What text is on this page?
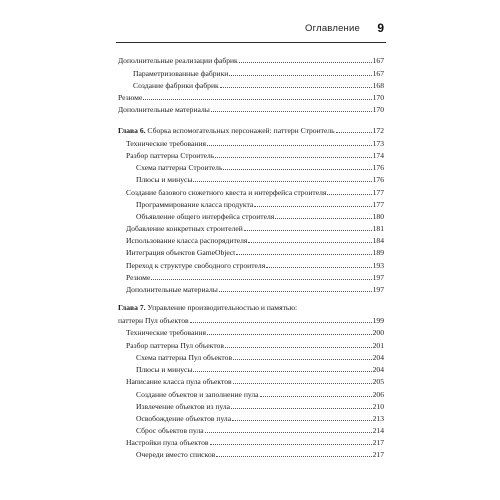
Оглавление 9
Дополнительные реализации фабрик	167
Параметризованные фабрики	167
Создание фабрики фабрик	168
Резюме	170
Дополнительные материалы	170
Глава 6. Сборка вспомогательных персонажей: паттерн Строитель	172
Технические требования	173
Разбор паттерна Строитель	174
Схема паттерна Строитель	176
Плюсы и минусы	176
Создание базового сюжетного квеста и интерфейса строителя	177
Программирование класса продукта	177
Объявление общего интерфейса строителя	180
Добавление конкретных строителей	181
Использование класса распорядителя	184
Интеграция объектов GameObject	189
Переход к структуре свободного строителя	193
Резюме	197
Дополнительные материалы	197
Глава 7. Управление производительностью и памятью:
паттерн Пул объектов	199
Технические требования	200
Разбор паттерна Пул объектов	201
Схема паттерна Пул объектов	204
Плюсы и минусы	204
Написание класса пула объектов	205
Создание объектов и заполнение пула	206
Извлечение объектов из пула	210
Освобождение объектов пула	213
Сброс объектов пула	214
Настройки пула объектов	217
Очереди вместо списков	217
